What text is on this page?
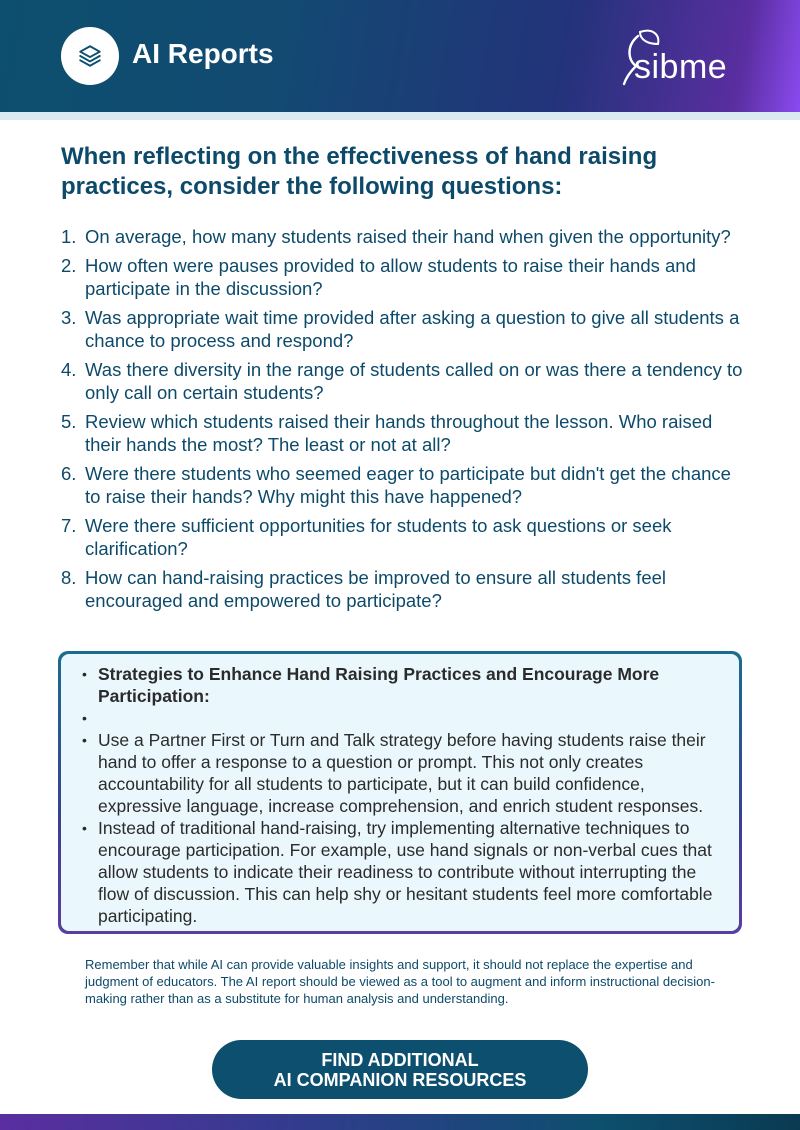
AI Reports	sibme
When reflecting on the effectiveness of hand raising practices, consider the following questions:
1. On average, how many students raised their hand when given the opportunity?
2. How often were pauses provided to allow students to raise their hands and participate in the discussion?
3. Was appropriate wait time provided after asking a question to give all students a chance to process and respond?
4. Was there diversity in the range of students called on or was there a tendency to only call on certain students?
5. Review which students raised their hands throughout the lesson. Who raised their hands the most? The least or not at all?
6. Were there students who seemed eager to participate but didn't get the chance to raise their hands? Why might this have happened?
7. Were there sufficient opportunities for students to ask questions or seek clarification?
8. How can hand-raising practices be improved to ensure all students feel encouraged and empowered to participate?
• Strategies to Enhance Hand Raising Practices and Encourage More Participation:
•
• Use a Partner First or Turn and Talk strategy before having students raise their hand to offer a response to a question or prompt. This not only creates accountability for all students to participate, but it can build confidence, expressive language, increase comprehension, and enrich student responses.
• Instead of traditional hand-raising, try implementing alternative techniques to encourage participation. For example, use hand signals or non-verbal cues that allow students to indicate their readiness to contribute without interrupting the flow of discussion. This can help shy or hesitant students feel more comfortable participating.

Remember that while AI can provide valuable insights and support, it should not replace the expertise and judgment of educators. The AI report should be viewed as a tool to augment and inform instructional decision-making rather than as a substitute for human analysis and understanding.

FIND ADDITIONAL
AI COMPANION RESOURCES
